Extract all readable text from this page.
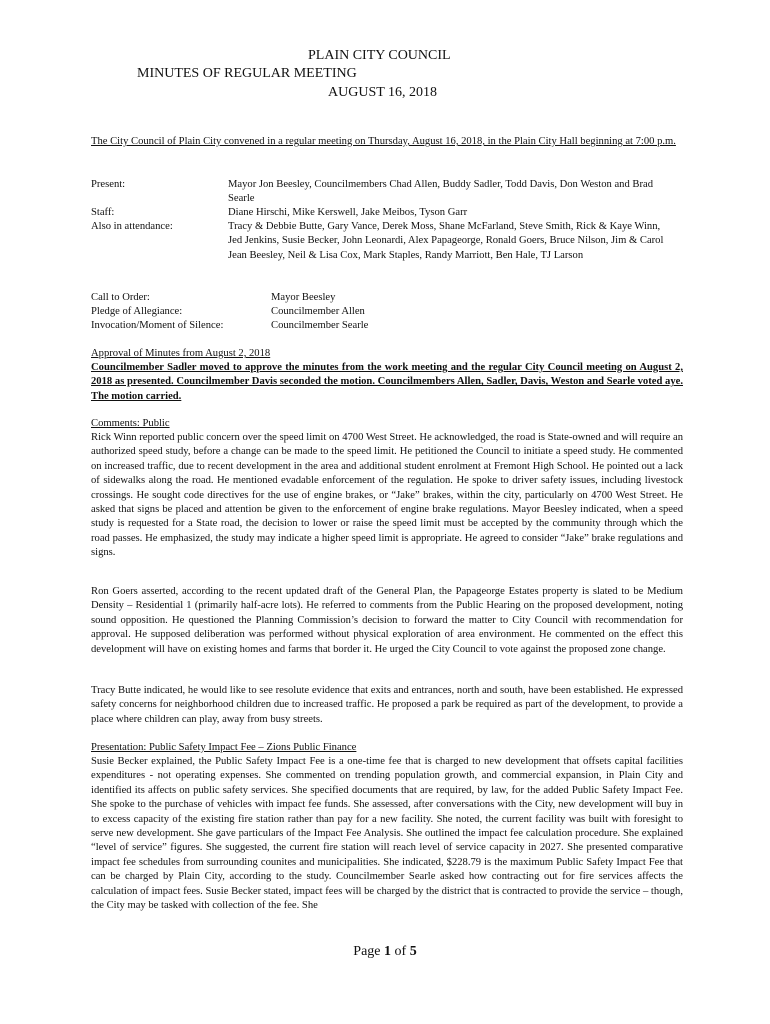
PLAIN CITY COUNCIL
MINUTES OF REGULAR MEETING
AUGUST 16, 2018
The City Council of Plain City convened in a regular meeting on Thursday, August 16, 2018, in the Plain City Hall beginning at 7:00 p.m.
Present:	Mayor Jon Beesley, Councilmembers Chad Allen, Buddy Sadler, Todd Davis, Don Weston and Brad Searle
Staff:	Diane Hirschi, Mike Kerswell, Jake Meibos, Tyson Garr
Also in attendance:	Tracy & Debbie Butte, Gary Vance, Derek Moss, Shane McFarland, Steve Smith, Rick & Kaye Winn, Jed Jenkins, Susie Becker, John Leonardi, Alex Papageorge, Ronald Goers, Bruce Nilson, Jim & Carol Jean Beesley, Neil & Lisa Cox, Mark Staples, Randy Marriott, Ben Hale, TJ Larson
Call to Order:	Mayor Beesley
Pledge of Allegiance:	Councilmember Allen
Invocation/Moment of Silence:	Councilmember Searle
Approval of Minutes from August 2, 2018
Councilmember Sadler moved to approve the minutes from the work meeting and the regular City Council meeting on August 2, 2018 as presented. Councilmember Davis seconded the motion. Councilmembers Allen, Sadler, Davis, Weston and Searle voted aye. The motion carried.
Comments: Public
Rick Winn reported public concern over the speed limit on 4700 West Street. He acknowledged, the road is State-owned and will require an authorized speed study, before a change can be made to the speed limit. He petitioned the Council to initiate a speed study. He commented on increased traffic, due to recent development in the area and additional student enrolment at Fremont High School. He pointed out a lack of sidewalks along the road. He mentioned evadable enforcement of the regulation. He spoke to driver safety issues, including livestock crossings. He sought code directives for the use of engine brakes, or “Jake” brakes, within the city, particularly on 4700 West Street. He asked that signs be placed and attention be given to the enforcement of engine brake regulations. Mayor Beesley indicated, when a speed study is requested for a State road, the decision to lower or raise the speed limit must be accepted by the community through which the road passes. He emphasized, the study may indicate a higher speed limit is appropriate. He agreed to consider “Jake” brake regulations and signs.
Ron Goers asserted, according to the recent updated draft of the General Plan, the Papageorge Estates property is slated to be Medium Density – Residential 1 (primarily half-acre lots). He referred to comments from the Public Hearing on the proposed development, noting sound opposition. He questioned the Planning Commission’s decision to forward the matter to City Council with recommendation for approval. He supposed deliberation was performed without physical exploration of area environment. He commented on the effect this development will have on existing homes and farms that border it. He urged the City Council to vote against the proposed zone change.
Tracy Butte indicated, he would like to see resolute evidence that exits and entrances, north and south, have been established. He expressed safety concerns for neighborhood children due to increased traffic. He proposed a park be required as part of the development, to provide a place where children can play, away from busy streets.
Presentation: Public Safety Impact Fee – Zions Public Finance
Susie Becker explained, the Public Safety Impact Fee is a one-time fee that is charged to new development that offsets capital facilities expenditures - not operating expenses. She commented on trending population growth, and commercial expansion, in Plain City and identified its affects on public safety services. She specified documents that are required, by law, for the added Public Safety Impact Fee. She spoke to the purchase of vehicles with impact fee funds. She assessed, after conversations with the City, new development will buy in to excess capacity of the existing fire station rather than pay for a new facility. She noted, the current facility was built with foresight to serve new development. She gave particulars of the Impact Fee Analysis. She outlined the impact fee calculation procedure. She explained “level of service” figures. She suggested, the current fire station will reach level of service capacity in 2027. She presented comparative impact fee schedules from surrounding counites and municipalities. She indicated, $228.79 is the maximum Public Safety Impact Fee that can be charged by Plain City, according to the study. Councilmember Searle asked how contracting out for fire services affects the calculation of impact fees. Susie Becker stated, impact fees will be charged by the district that is contracted to provide the service – though, the City may be tasked with collection of the fee. She
Page 1 of 5
